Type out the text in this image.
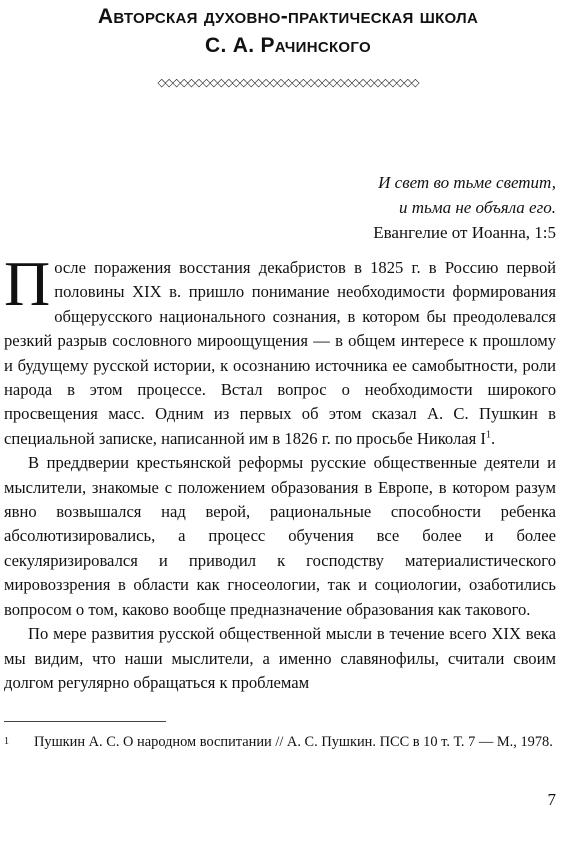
Авторская духовно-практическая школа
С. А. Рачинского
◇◇◇◇◇◇◇◇◇◇◇◇◇◇◇◇◇◇◇◇◇◇◇◇◇◇◇◇◇◇◇◇◇◇◇
И свет во тьме светит,
и тьма не объяла его.
Евангелие от Иоанна, 1:5

После поражения восстания декабристов в 1825 г. в Россию первой половины XIX в. пришло понимание необходимости формирования общерусского национального сознания, в котором бы преодолевался резкий разрыв сословного мироощущения — в общем интересе к прошлому и будущему русской истории, к осознанию источника ее самобытности, роли народа в этом процессе. Встал вопрос о необходимости широкого просвещения масс. Одним из первых об этом сказал А. С. Пушкин в специальной записке, написанной им в 1826 г. по просьбе Николая $I^1$.

В преддверии крестьянской реформы русские общественные деятели и мыслители, знакомые с положением образования в Европе, в котором разум явно возвышался над верой, рациональные способности ребенка абсолютизировались, а процесс обучения все более и более секуляризировался и приводил к господству материалистического мировоззрения в области как гносеологии, так и социологии, озаботились вопросом о том, каково вообще предназначение образования как такового.

По мере развития русской общественной мысли в течение всего XIX века мы видим, что наши мыслители, а именно славянофилы, считали своим долгом регулярно обращаться к проблемам

1 Пушкин А. С. О народном воспитании // А. С. Пушкин. ПСС в 10 т. Т. 7 — М., 1978.
7
